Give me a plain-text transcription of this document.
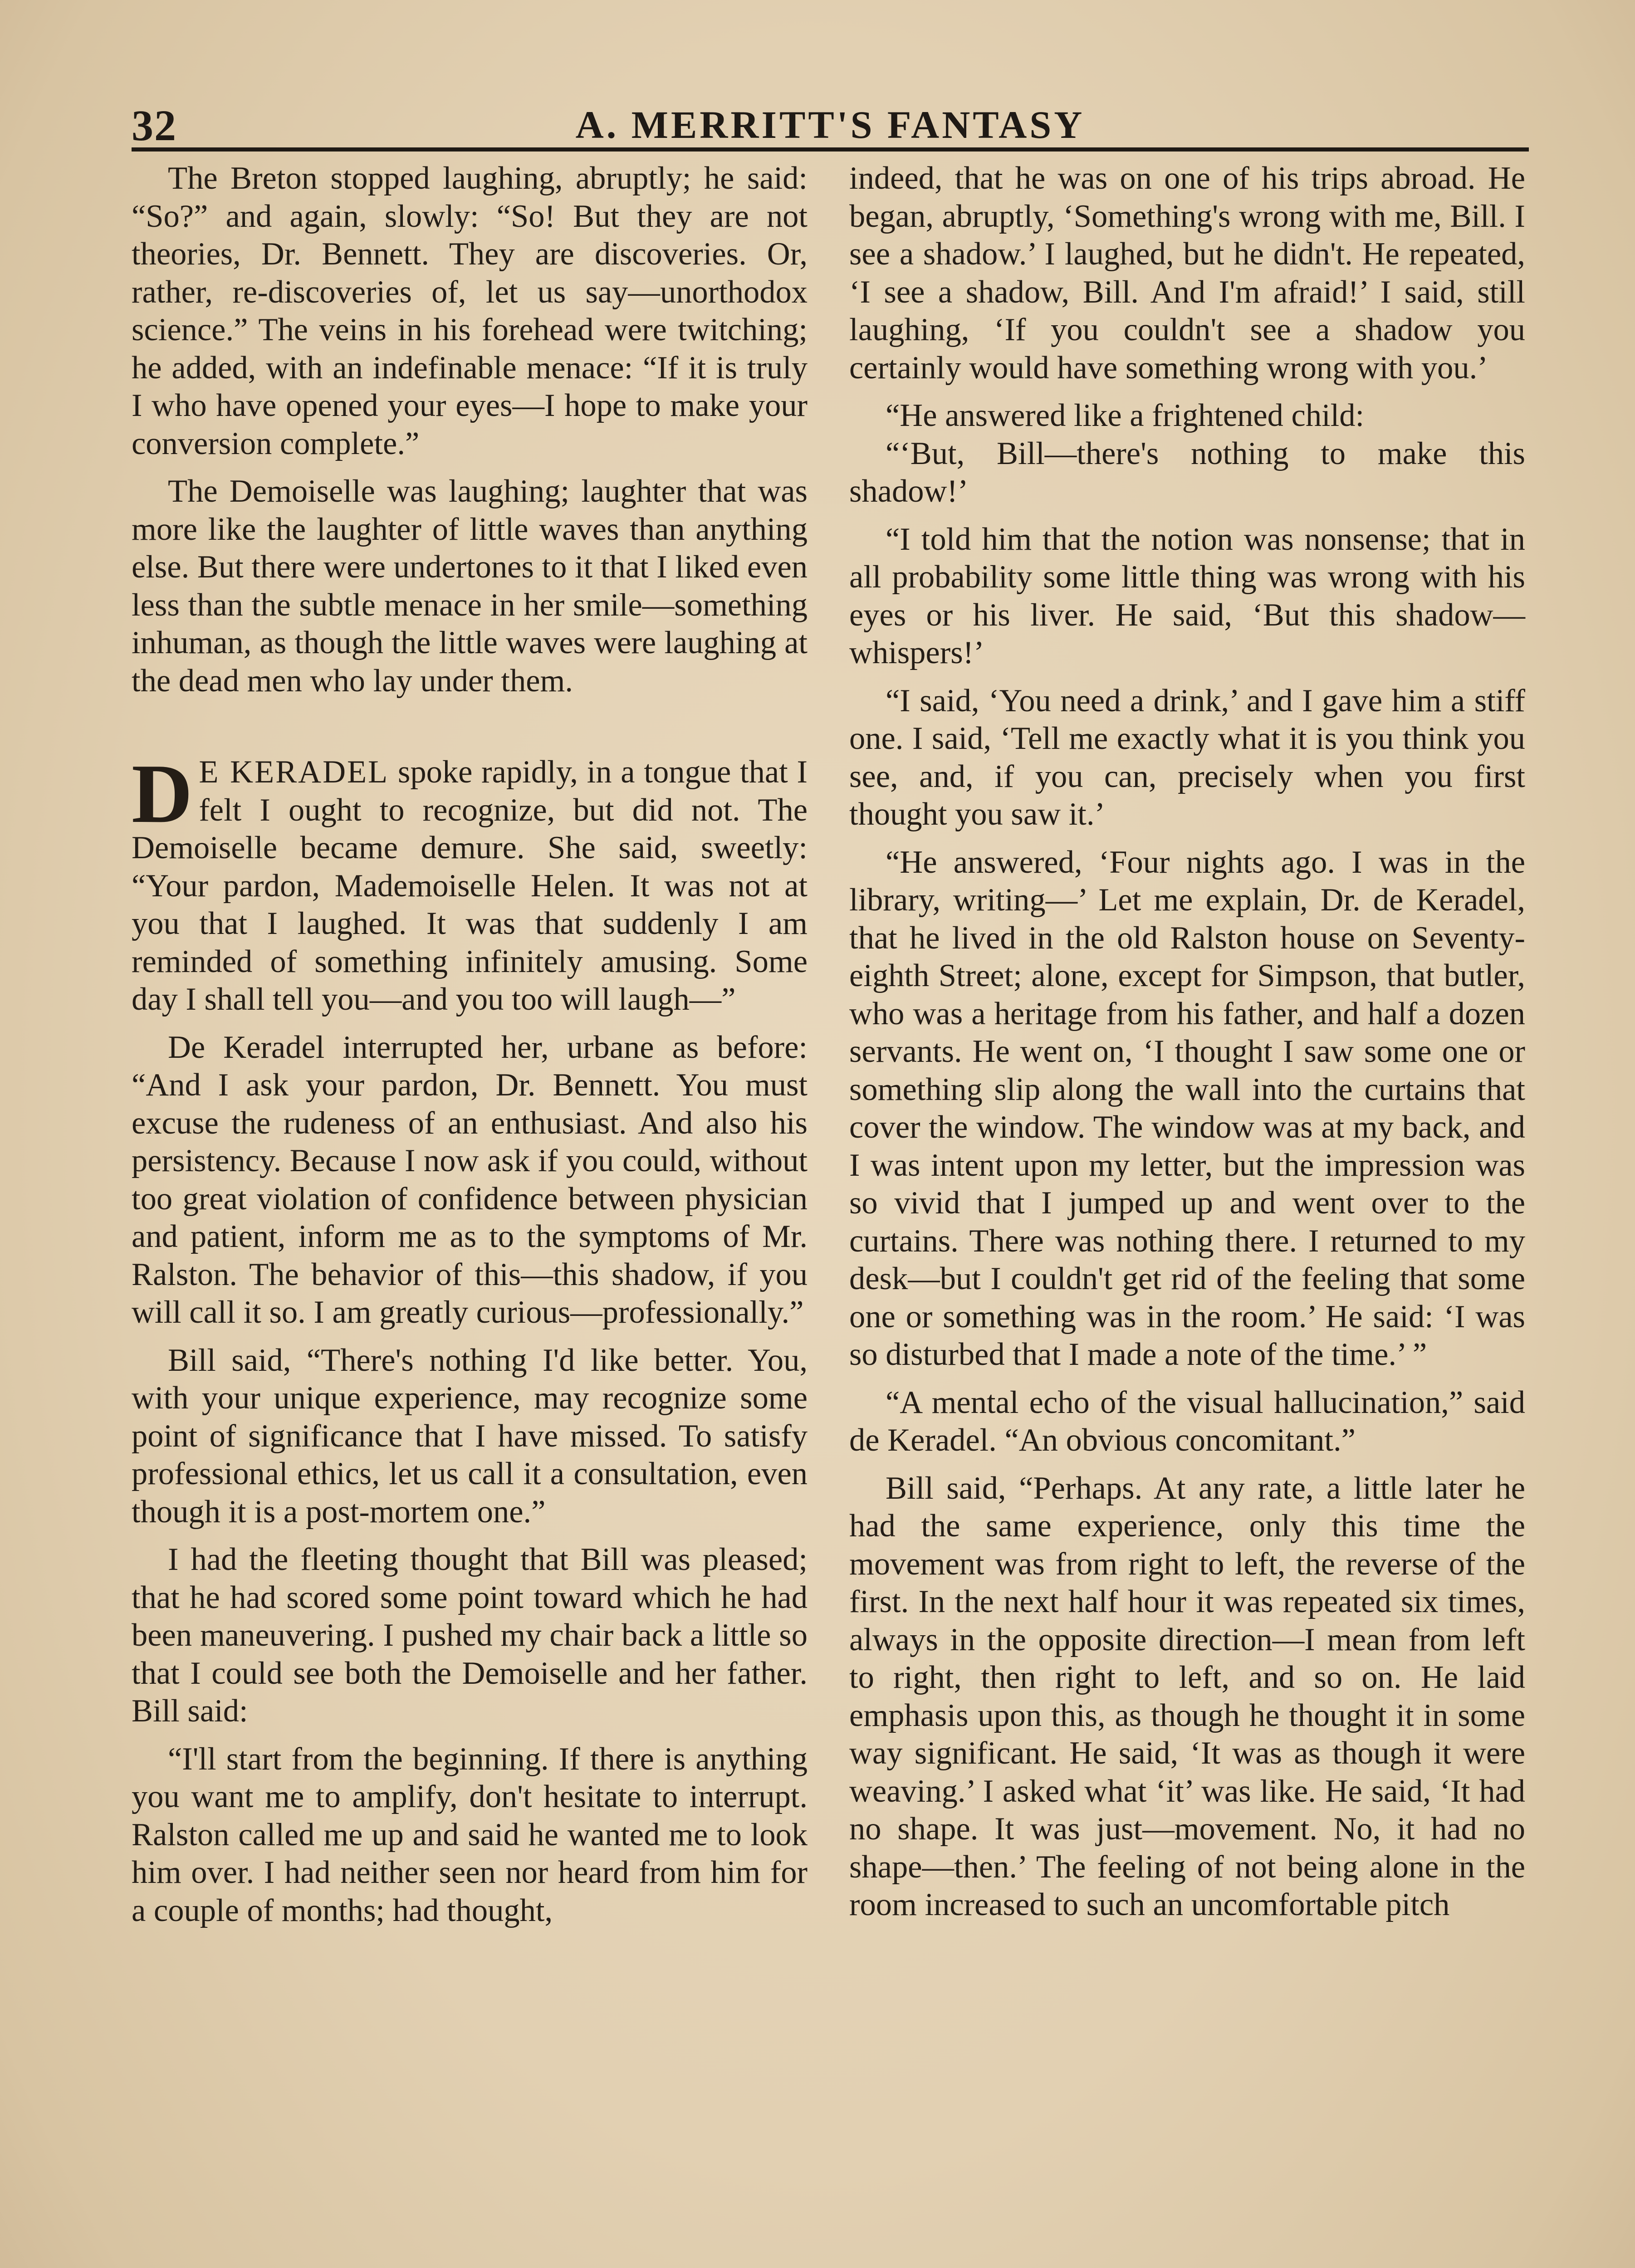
32	A. MERRITT'S FANTASY

The Breton stopped laughing, abruptly; he said: “So?” and again, slowly: “So! But they are not theories, Dr. Bennett. They are discoveries. Or, rather, re-discoveries of, let us say—unorthodox science.” The veins in his forehead were twitching; he added, with an indefinable menace: “If it is truly I who have opened your eyes—I hope to make your conversion complete.”

The Demoiselle was laughing; laughter that was more like the laughter of little waves than anything else. But there were undertones to it that I liked even less than the subtle menace in her smile—something inhuman, as though the little waves were laughing at the dead men who lay under them.

D E KERADEL spoke rapidly, in a tongue that I felt I ought to recognize, but did not. The Demoiselle became demure. She said, sweetly: “Your pardon, Mademoiselle Helen. It was not at you that I laughed. It was that suddenly I am reminded of something infinitely amusing. Some day I shall tell you—and you too will laugh—”

De Keradel interrupted her, urbane as before: “And I ask your pardon, Dr. Bennett. You must excuse the rudeness of an enthusiast. And also his persistency. Because I now ask if you could, without too great violation of confidence between physician and patient, inform me as to the symptoms of Mr. Ralston. The behavior of this—this shadow, if you will call it so. I am greatly curious—professionally.”

Bill said, “There's nothing I'd like better. You, with your unique experience, may recognize some point of significance that I have missed. To satisfy professional ethics, let us call it a consultation, even though it is a post-mortem one.”

I had the fleeting thought that Bill was pleased; that he had scored some point toward which he had been maneuvering. I pushed my chair back a little so that I could see both the Demoiselle and her father. Bill said:

“I'll start from the beginning. If there is anything you want me to amplify, don't hesitate to interrupt. Ralston called me up and said he wanted me to look him over. I had neither seen nor heard from him for a couple of months; had thought,

indeed, that he was on one of his trips abroad. He began, abruptly, ‘Something's wrong with me, Bill. I see a shadow.’ I laughed, but he didn't. He repeated, ‘I see a shadow, Bill. And I'm afraid!’ I said, still laughing, ‘If you couldn't see a shadow you certainly would have something wrong with you.’

“He answered like a frightened child:

“‘But, Bill—there's nothing to make this shadow!’

“I told him that the notion was nonsense; that in all probability some little thing was wrong with his eyes or his liver. He said, ‘But this shadow—whispers!’

“I said, ‘You need a drink,’ and I gave him a stiff one. I said, ‘Tell me exactly what it is you think you see, and, if you can, precisely when you first thought you saw it.’

“He answered, ‘Four nights ago. I was in the library, writing—’ Let me explain, Dr. de Keradel, that he lived in the old Ralston house on Seventy-eighth Street; alone, except for Simpson, that butler, who was a heritage from his father, and half a dozen servants. He went on, ‘I thought I saw some one or something slip along the wall into the curtains that cover the window. The window was at my back, and I was intent upon my letter, but the impression was so vivid that I jumped up and went over to the curtains. There was nothing there. I returned to my desk—but I couldn't get rid of the feeling that some one or something was in the room.’ He said: ‘I was so disturbed that I made a note of the time.’ ”

“A mental echo of the visual hallucination,” said de Keradel. “An obvious concomitant.”

Bill said, “Perhaps. At any rate, a little later he had the same experience, only this time the movement was from right to left, the reverse of the first. In the next half hour it was repeated six times, always in the opposite direction—I mean from left to right, then right to left, and so on. He laid emphasis upon this, as though he thought it in some way significant. He said, ‘It was as though it were weaving.’ I asked what ‘it’ was like. He said, ‘It had no shape. It was just—movement. No, it had no shape—then.’ The feeling of not being alone in the room increased to such an uncomfortable pitch
